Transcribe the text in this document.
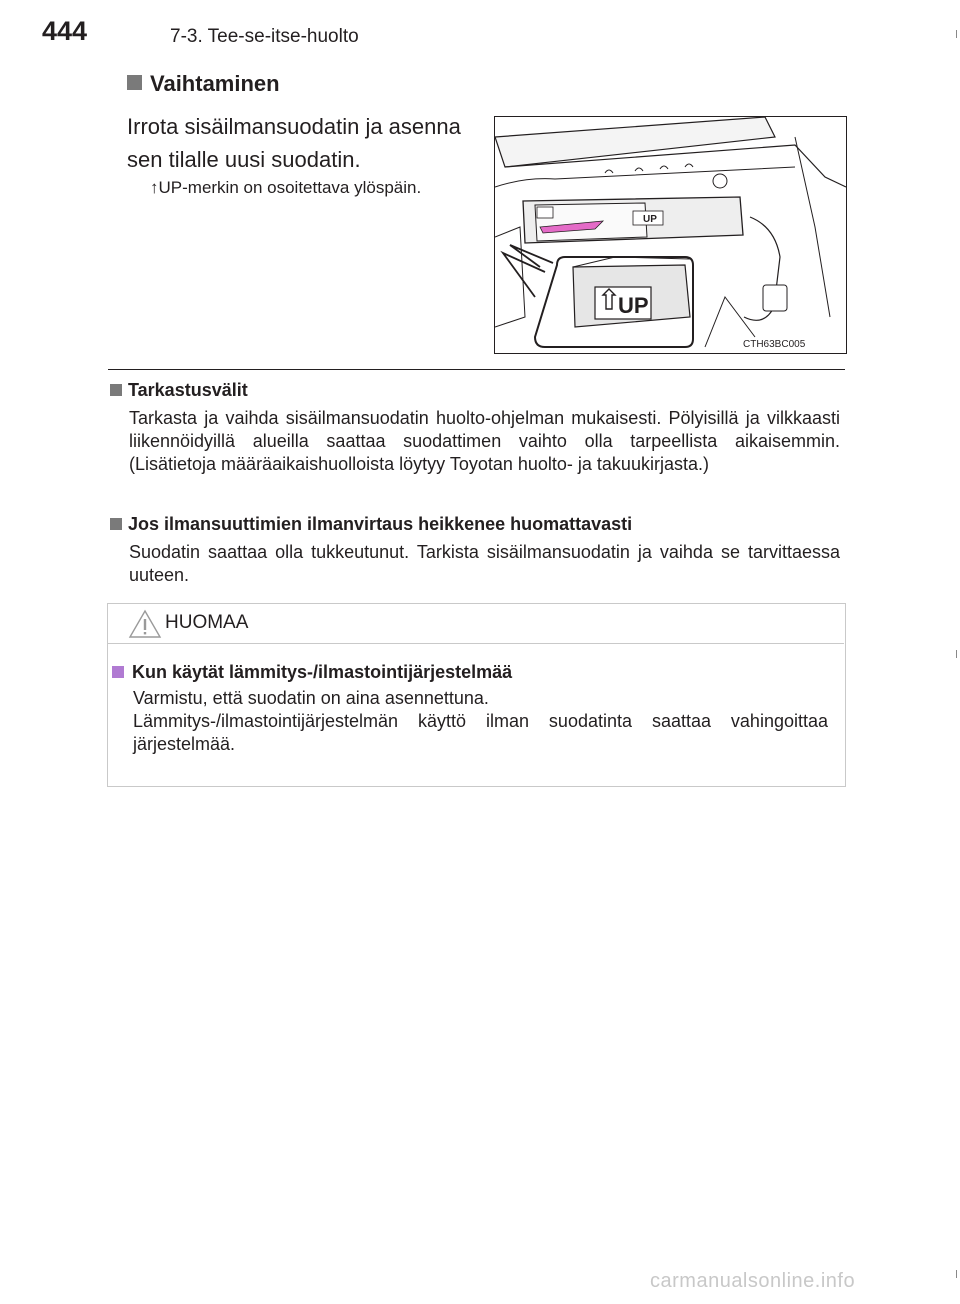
444	7-3. Tee-se-itse-huolto
Vaihtaminen
Irrota sisäilmansuodatin ja asenna sen tilalle uusi suodatin.
↑UP-merkin on osoitettava ylöspäin.
UP
UP
CTH63BC005
Tarkastusvälit
Tarkasta ja vaihda sisäilmansuodatin huolto-ohjelman mukaisesti. Pölyisillä ja vilkkaasti liikennöidyillä alueilla saattaa suodattimen vaihto olla tarpeellista aikaisemmin. (Lisätietoja määräaikaishuolloista löytyy Toyotan huolto- ja takuukirjasta.)
Jos ilmansuuttimien ilmanvirtaus heikkenee huomattavasti
Suodatin saattaa olla tukkeutunut. Tarkista sisäilmansuodatin ja vaihda se tarvittaessa uuteen.
HUOMAA
Kun käytät lämmitys-/ilmastointijärjestelmää
Varmistu, että suodatin on aina asennettuna.
Lämmitys-/ilmastointijärjestelmän käyttö ilman suodatinta saattaa vahingoittaa järjestelmää.
carmanualsonline.info
